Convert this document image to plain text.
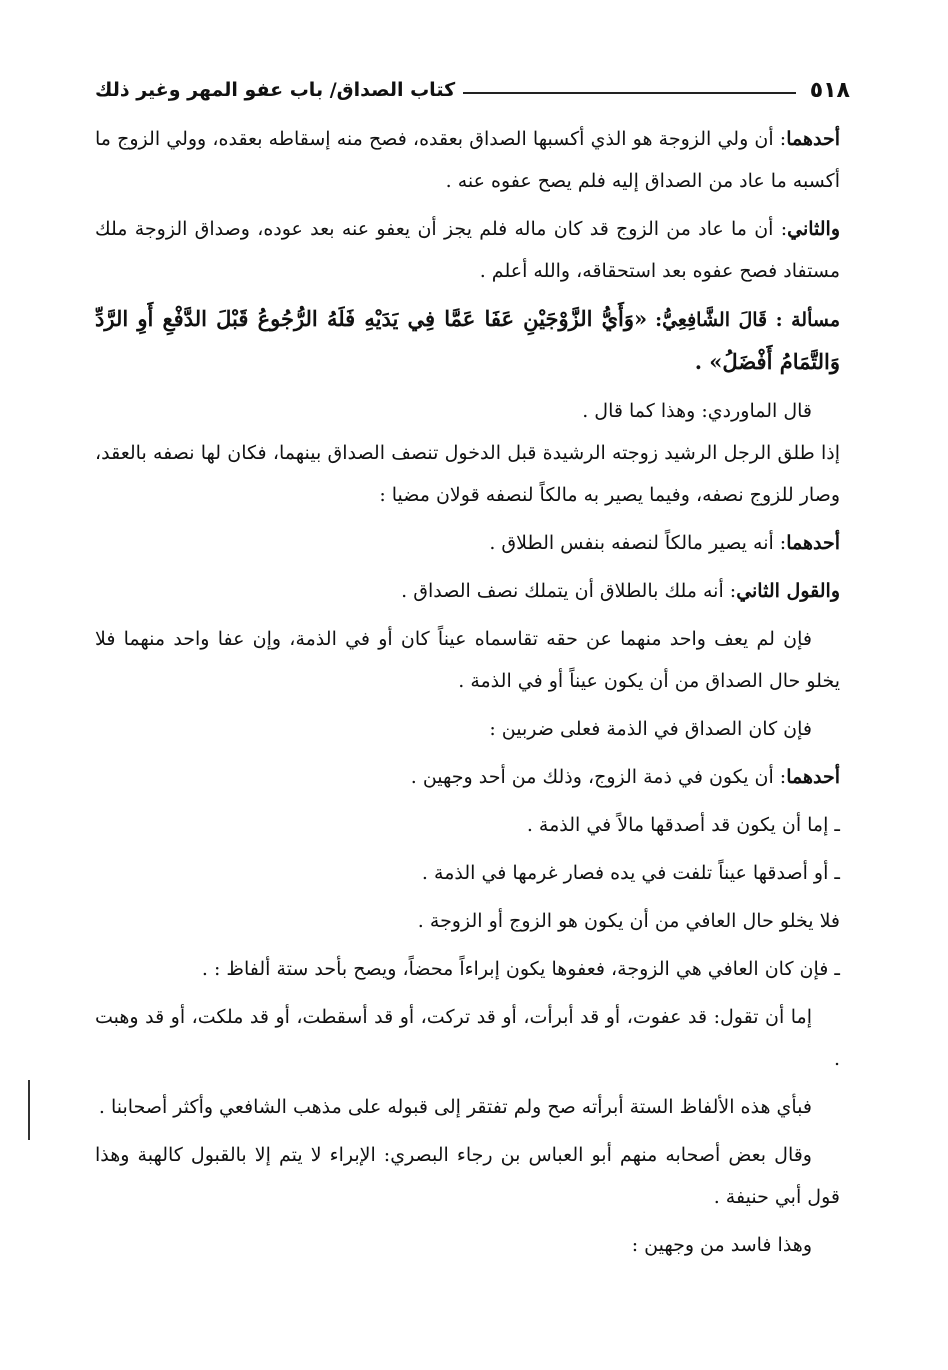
٥١٨
كتاب الصداق/ باب عفو المهر وغير ذلك

أحدهما: أن ولي الزوجة هو الذي أكسبها الصداق بعقده، فصح منه إسقاطه بعقده، وولي الزوج ما أكسبه ما عاد من الصداق إليه فلم يصح عفوه عنه .

والثاني: أن ما عاد من الزوج قد كان ماله فلم يجز أن يعفو عنه بعد عوده، وصداق الزوجة ملك مستفاد فصح عفوه بعد استحقاقه، والله أعلم .

مسألة : قَالَ الشَّافِعِيُّ: «وَأَيُّ الزَّوْجَيْنِ عَفَا عَمَّا فِي يَدَيْهِ فَلَهُ الرُّجُوعُ قَبْلَ الدَّفْعِ أَوِ الرَّدِّ وَالتَّمَامُ أَفْضَلُ» .

قال الماوردي: وهذا كما قال .

إذا طلق الرجل الرشيد زوجته الرشيدة قبل الدخول تنصف الصداق بينهما، فكان لها نصفه بالعقد، وصار للزوج نصفه، وفيما يصير به مالكاً لنصفه قولان مضيا :

أحدهما: أنه يصير مالكاً لنصفه بنفس الطلاق .

والقول الثاني: أنه ملك بالطلاق أن يتملك نصف الصداق .

فإن لم يعف واحد منهما عن حقه تقاسماه عيناً كان أو في الذمة، وإن عفا واحد منهما فلا يخلو حال الصداق من أن يكون عيناً أو في الذمة .

فإن كان الصداق في الذمة فعلى ضربين :

أحدهما: أن يكون في ذمة الزوج، وذلك من أحد وجهين .

ـ إما أن يكون قد أصدقها مالاً في الذمة .

ـ أو أصدقها عيناً تلفت في يده فصار غرمها في الذمة .

فلا يخلو حال العافي من أن يكون هو الزوج أو الزوجة .

ـ فإن كان العافي هي الزوجة، فعفوها يكون إبراءاً محضاً، ويصح بأحد ستة ألفاظ : .

إما أن تقول: قد عفوت، أو قد أبرأت، أو قد تركت، أو قد أسقطت، أو قد ملكت، أو قد وهبت .

فبأي هذه الألفاظ الستة أبرأته صح ولم تفتقر إلى قبوله على مذهب الشافعي وأكثر أصحابنا .

وقال بعض أصحابه منهم أبو العباس بن رجاء البصري: الإبراء لا يتم إلا بالقبول كالهبة وهذا قول أبي حنيفة .

وهذا فاسد من وجهين :
